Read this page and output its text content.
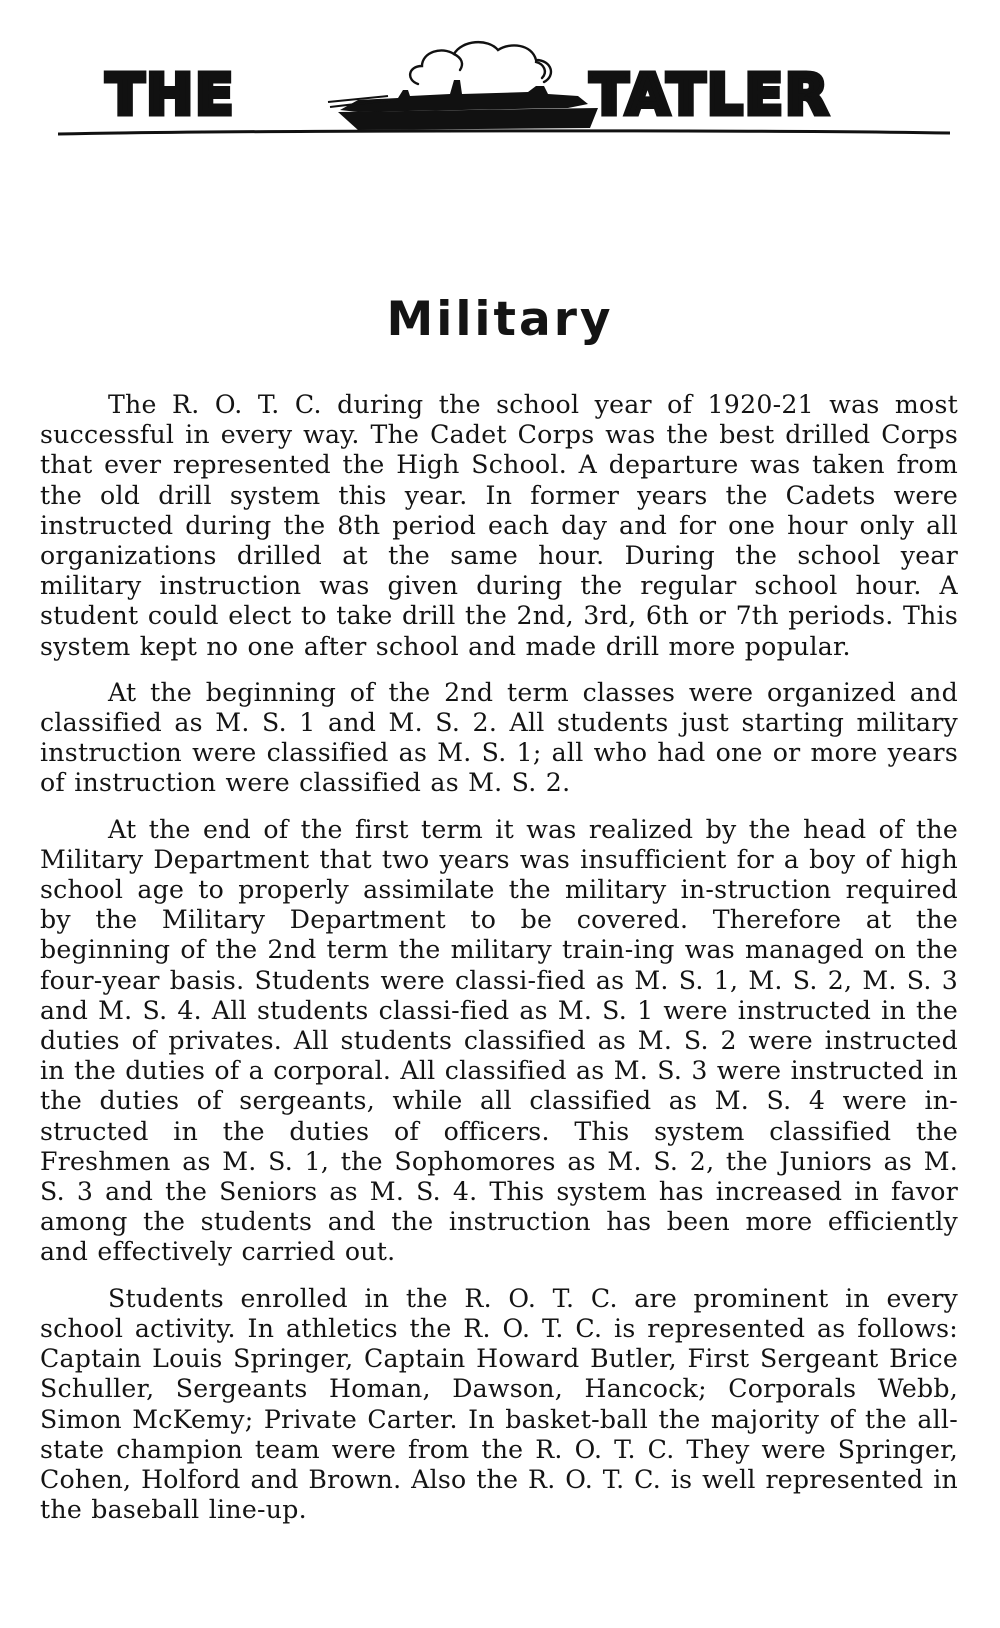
THE	TATLER
Military

The R. O. T. C. during the school year of 1920-21 was most successful in every way. The Cadet Corps was the best drilled Corps that ever represented the High School. A departure was taken from the old drill system this year. In former years the Cadets were instructed during the 8th period each day and for one hour only all organizations drilled at the same hour. During the school year military instruction was given during the regular school hour. A student could elect to take drill the 2nd, 3rd, 6th or 7th periods. This system kept no one after school and made drill more popular.

At the beginning of the 2nd term classes were organized and classified as M. S. 1 and M. S. 2. All students just starting military instruction were classified as M. S. 1; all who had one or more years of instruction were classified as M. S. 2.

At the end of the first term it was realized by the head of the Military Department that two years was insufficient for a boy of high school age to properly assimilate the military in-struction required by the Military Department to be covered. Therefore at the beginning of the 2nd term the military train-ing was managed on the four-year basis. Students were classi-fied as M. S. 1, M. S. 2, M. S. 3 and M. S. 4. All students classi-fied as M. S. 1 were instructed in the duties of privates. All students classified as M. S. 2 were instructed in the duties of a corporal. All classified as M. S. 3 were instructed in the duties of sergeants, while all classified as M. S. 4 were in-structed in the duties of officers. This system classified the Freshmen as M. S. 1, the Sophomores as M. S. 2, the Juniors as M. S. 3 and the Seniors as M. S. 4. This system has increased in favor among the students and the instruction has been more efficiently and effectively carried out.

Students enrolled in the R. O. T. C. are prominent in every school activity. In athletics the R. O. T. C. is represented as follows: Captain Louis Springer, Captain Howard Butler, First Sergeant Brice Schuller, Sergeants Homan, Dawson, Hancock; Corporals Webb, Simon McKemy; Private Carter. In basket-ball the majority of the all-state champion team were from the R. O. T. C. They were Springer, Cohen, Holford and Brown. Also the R. O. T. C. is well represented in the baseball line-up.
